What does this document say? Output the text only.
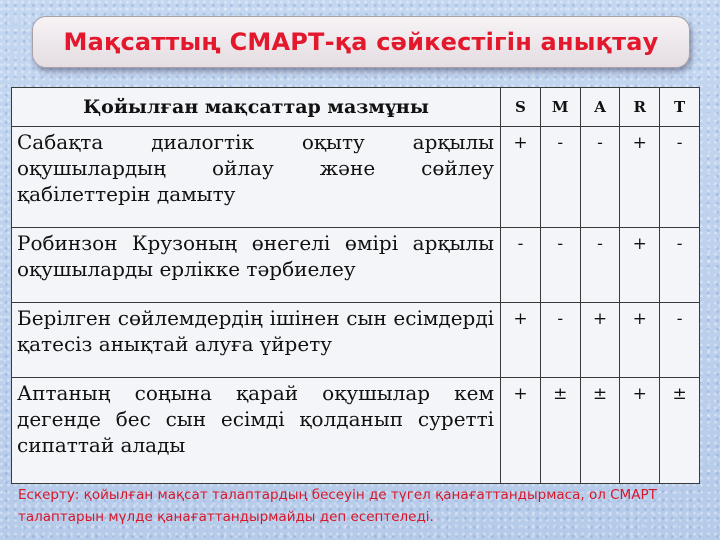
Мақсаттың СМАРТ-қа сәйкестігін анықтау
Қойылған мақсаттар мазмұны	S	M	A	R	T
Сабақта диалогтік оқыту арқылы оқушылардың ойлау және сөйлеу қабілеттерін дамыту	+	-	-	+	-
Робинзон Крузоның өнегелі өмірі арқылы оқушыларды ерлікке тәрбиелеу	-	-	-	+	-
Берілген сөйлемдердің ішінен сын есімдерді қатесіз анықтай алуға үйрету	+	-	+	+	-
Аптаның соңына қарай оқушылар кем дегенде бес сын есімді қолданып суретті сипаттай алады	+	±	±	+	±
Ескерту: қойылған мақсат талаптардың бесеуін де түгел қанағаттандырмаса, ол СМАРТ талаптарын мүлде қанағаттандырмайды деп есептеледі.
